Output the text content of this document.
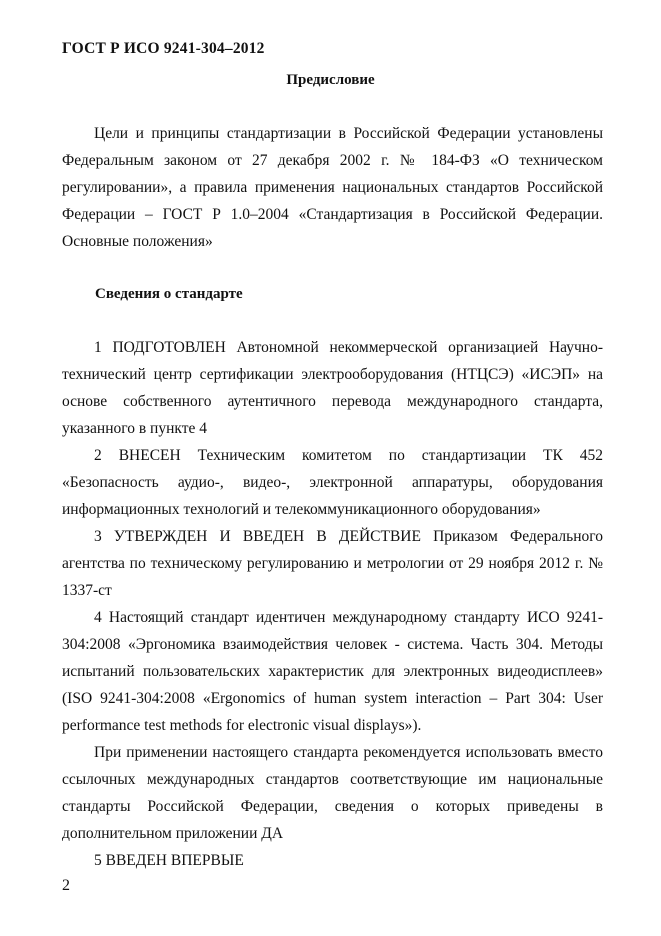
ГОСТ Р ИСО 9241-304–2012
Предисловие

Цели и принципы стандартизации в Российской Федерации установлены Федеральным законом от 27 декабря 2002 г. № 184-ФЗ «О техническом регулировании», а правила применения национальных стандартов Российской Федерации – ГОСТ Р 1.0–2004 «Стандартизация в Российской Федерации. Основные положения»

Сведения о стандарте

1 ПОДГОТОВЛЕН Автономной некоммерческой организацией Научно-технический центр сертификации электрооборудования (НТЦСЭ) «ИСЭП» на основе собственного аутентичного перевода международного стандарта, указанного в пункте 4

2 ВНЕСЕН Техническим комитетом по стандартизации ТК 452 «Безопасность аудио-, видео-, электронной аппаратуры, оборудования информационных технологий и телекоммуникационного оборудования»

3 УТВЕРЖДЕН И ВВЕДЕН В ДЕЙСТВИЕ Приказом Федерального агентства по техническому регулированию и метрологии от 29 ноября 2012 г. № 1337-ст

4 Настоящий стандарт идентичен международному стандарту ИСО 9241-304:2008 «Эргономика взаимодействия человек - система. Часть 304. Методы испытаний пользовательских характеристик для электронных видеодисплеев» (ISO 9241-304:2008 «Ergonomics of human system interaction – Part 304: User performance test methods for electronic visual displays»).

При применении настоящего стандарта рекомендуется использовать вместо ссылочных международных стандартов соответствующие им национальные стандарты Российской Федерации, сведения о которых приведены в дополнительном приложении ДА

5 ВВЕДЕН ВПЕРВЫЕ

2
